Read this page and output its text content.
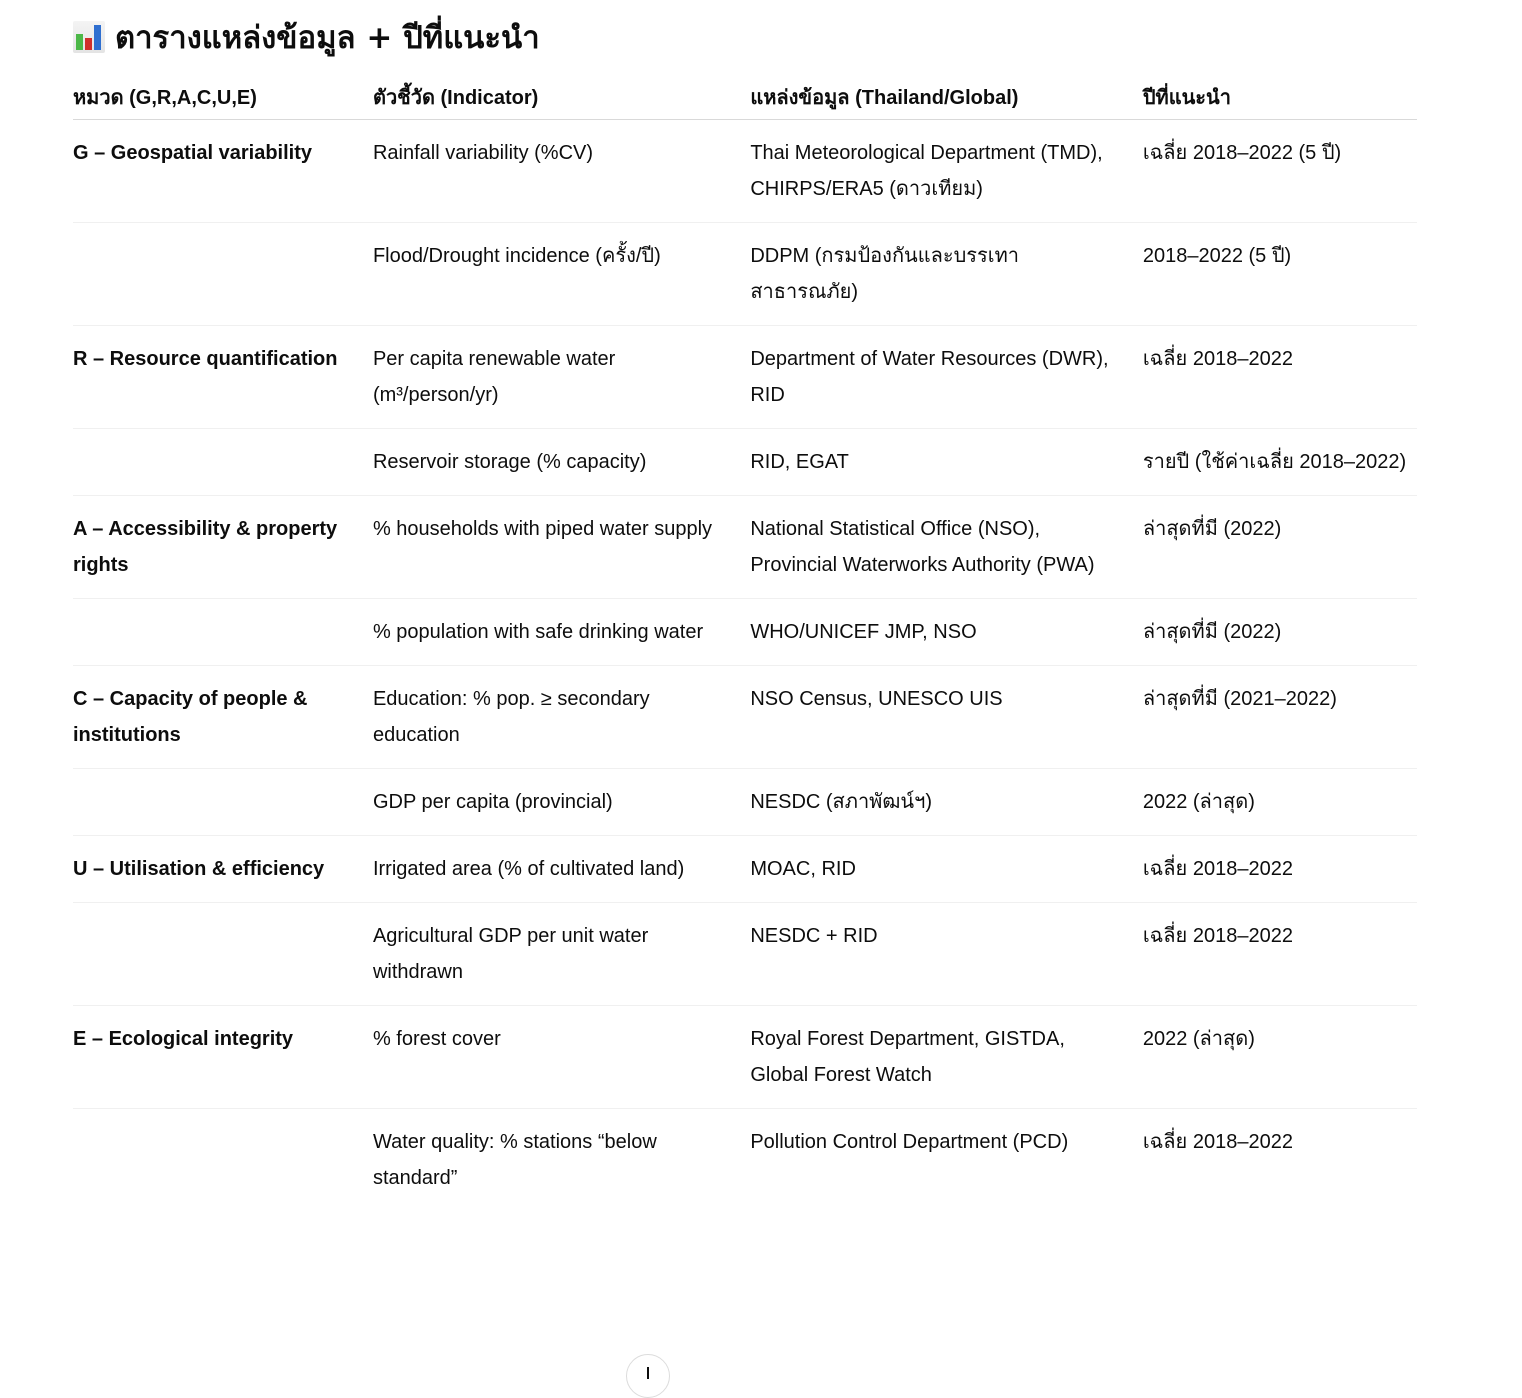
ตารางแหล่งข้อมูล + ปีที่แนะนำ
หมวด (G,R,A,C,U,E)	ตัวชี้วัด (Indicator)	แหล่งข้อมูล (Thailand/Global)	ปีที่แนะนำ
G – Geospatial variability	Rainfall variability (%CV)	Thai Meteorological Department (TMD), CHIRPS/ERA5 (ดาวเทียม)	เฉลี่ย 2018–2022 (5 ปี)
	Flood/Drought incidence (ครั้ง/ปี)	DDPM (กรมป้องกันและบรรเทาสาธารณภัย)	2018–2022 (5 ปี)
R – Resource quantification	Per capita renewable water (m³/person/yr)	Department of Water Resources (DWR), RID	เฉลี่ย 2018–2022
	Reservoir storage (% capacity)	RID, EGAT	รายปี (ใช้ค่าเฉลี่ย 2018–2022)
A – Accessibility & property rights	% households with piped water supply	National Statistical Office (NSO), Provincial Waterworks Authority (PWA)	ล่าสุดที่มี (2022)
	% population with safe drinking water	WHO/UNICEF JMP, NSO	ล่าสุดที่มี (2022)
C – Capacity of people & institutions	Education: % pop. ≥ secondary education	NSO Census, UNESCO UIS	ล่าสุดที่มี (2021–2022)
	GDP per capita (provincial)	NESDC (สภาพัฒน์ฯ)	2022 (ล่าสุด)
U – Utilisation & efficiency	Irrigated area (% of cultivated land)	MOAC, RID	เฉลี่ย 2018–2022
	Agricultural GDP per unit water withdrawn	NESDC + RID	เฉลี่ย 2018–2022
E – Ecological integrity	% forest cover	Royal Forest Department, GISTDA, Global Forest Watch	2022 (ล่าสุด)
	Water quality: % stations “below standard”	Pollution Control Department (PCD)	เฉลี่ย 2018–2022
